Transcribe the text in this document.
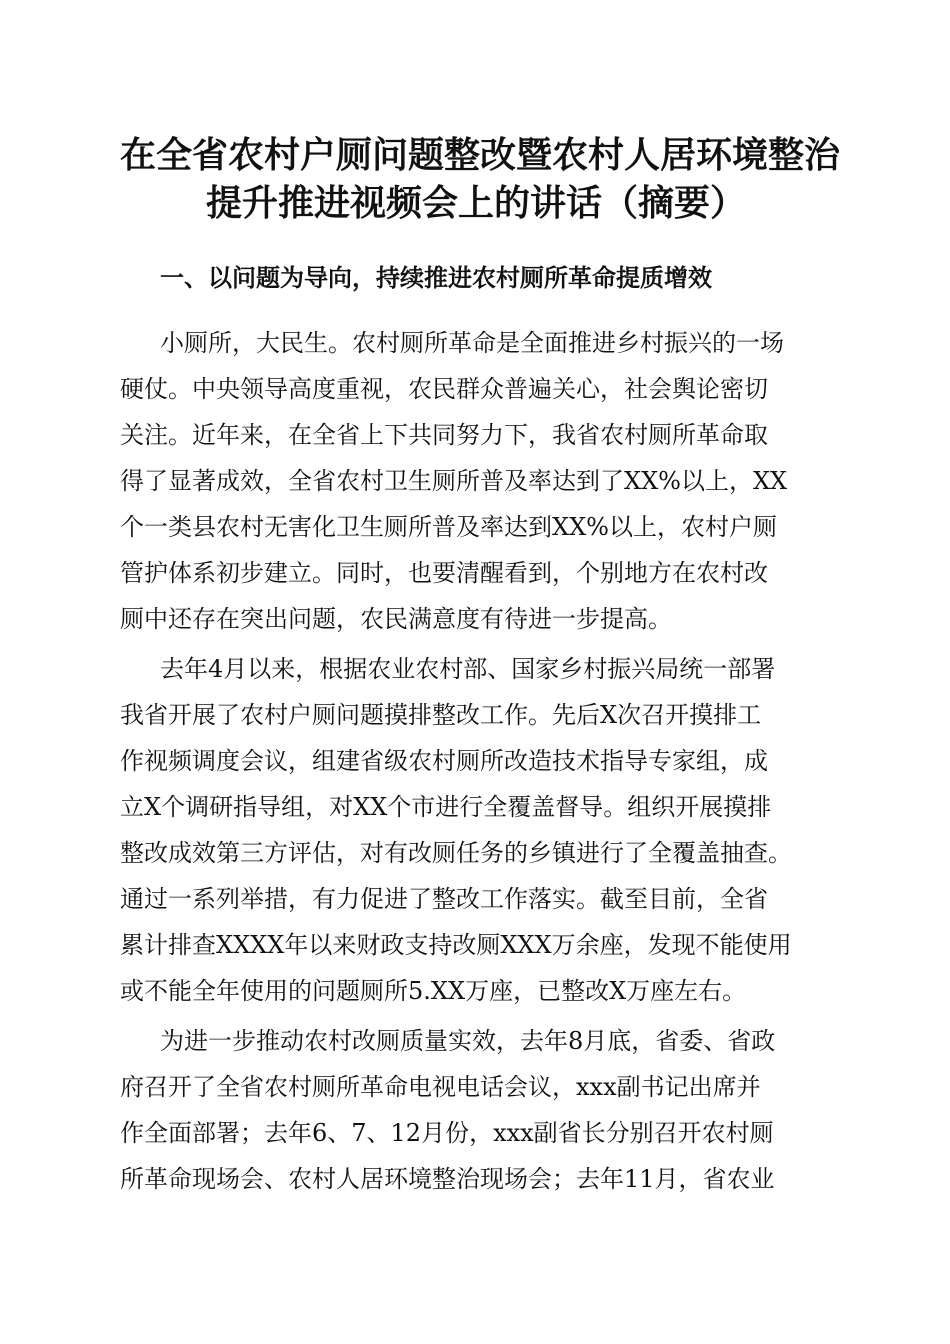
在全省农村户厕问题整改暨农村人居环境整治
提升推进视频会上的讲话（摘要）
一、以问题为导向，持续推进农村厕所革命提质增效

小厕所，大民生。农村厕所革命是全面推进乡村振兴的一场
硬仗。中央领导高度重视，农民群众普遍关心，社会舆论密切
关注。近年来，在全省上下共同努力下，我省农村厕所革命取
得了显著成效，全省农村卫生厕所普及率达到了XX%以上，XX
个一类县农村无害化卫生厕所普及率达到XX%以上，农村户厕
管护体系初步建立。同时，也要清醒看到，个别地方在农村改
厕中还存在突出问题，农民满意度有待进一步提高。

去年4月以来，根据农业农村部、国家乡村振兴局统一部署
我省开展了农村户厕问题摸排整改工作。先后X次召开摸排工
作视频调度会议，组建省级农村厕所改造技术指导专家组，成
立X个调研指导组，对XX个市进行全覆盖督导。组织开展摸排
整改成效第三方评估，对有改厕任务的乡镇进行了全覆盖抽查。
通过一系列举措，有力促进了整改工作落实。截至目前，全省
累计排查XXXX年以来财政支持改厕XXX万余座，发现不能使用
或不能全年使用的问题厕所5.XX万座，已整改X万座左右。

为进一步推动农村改厕质量实效，去年8月底，省委、省政
府召开了全省农村厕所革命电视电话会议，xxx副书记出席并
作全面部署；去年6、7、12月份，xxx副省长分别召开农村厕
所革命现场会、农村人居环境整治现场会；去年11月，省农业
